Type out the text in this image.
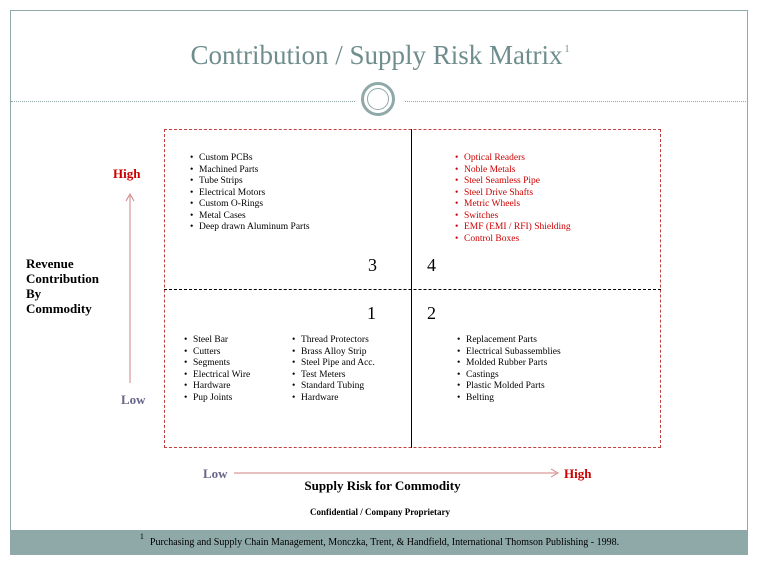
Contribution / Supply Risk Matrix $^1$
• Custom PCBs
• Machined Parts
• Tube Strips
• Electrical Motors
• Custom O-Rings
• Metal Cases
• Deep drawn Aluminum Parts
3
• Optical Readers
• Noble Metals
• Steel Seamless Pipe
• Steel Drive Shafts
• Metric Wheels
• Switches
• EMF (EMI / RFI) Shielding
• Control Boxes
4
1
• Steel Bar
• Cutters
• Segments
• Electrical Wire
• Hardware
• Pup Joints
• Thread Protectors
• Brass Alloy Strip
• Steel Pipe and Acc.
• Test Meters
• Standard Tubing
• Hardware
2
• Replacement Parts
• Electrical Subassemblies
• Molded Rubber Parts
• Castings
• Plastic Molded Parts
• Belting
High
Low
Revenue
Contribution
By
Commodity
Low	High
Supply Risk for Commodity
Confidential / Company Proprietary
$^1$Purchasing and Supply Chain Management, Monczka, Trent, & Handfield, International Thomson Publishing - 1998.
